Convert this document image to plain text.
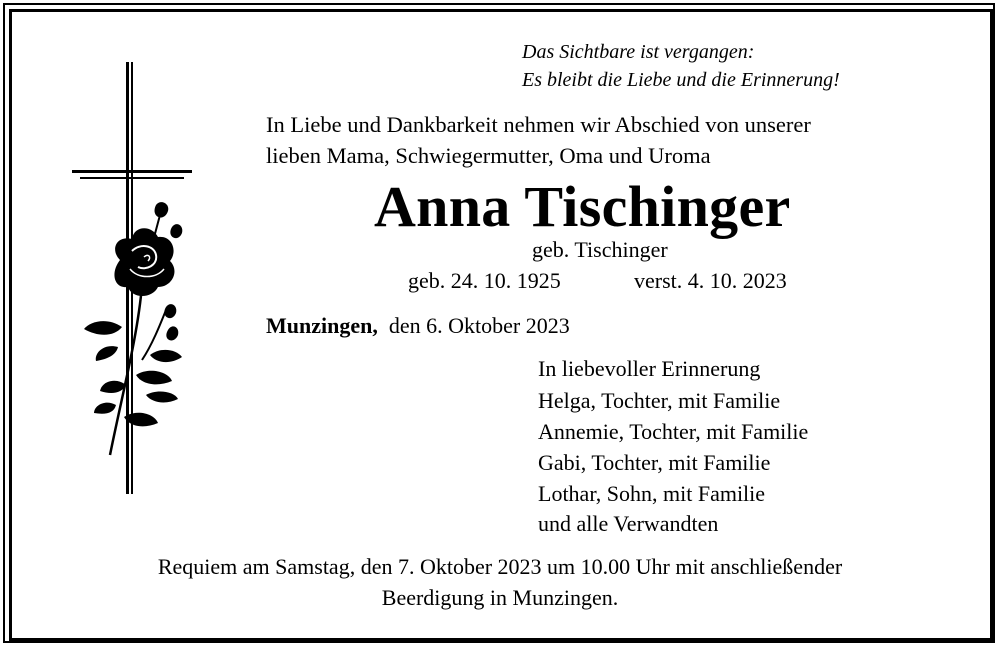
Das Sichtbare ist vergangen:
Es bleibt die Liebe und die Erinnerung!
In Liebe und Dankbarkeit nehmen wir Abschied von unserer
lieben Mama, Schwiegermutter, Oma und Uroma
Anna Tischinger
geb. Tischinger
geb. 24. 10. 1925	verst. 4. 10. 2023
Munzingen, den 6. Oktober 2023
In liebevoller Erinnerung
Helga, Tochter, mit Familie
Annemie, Tochter, mit Familie
Gabi, Tochter, mit Familie
Lothar, Sohn, mit Familie
und alle Verwandten
Requiem am Samstag, den 7. Oktober 2023 um 10.00 Uhr mit anschließender
Beerdigung in Munzingen.
